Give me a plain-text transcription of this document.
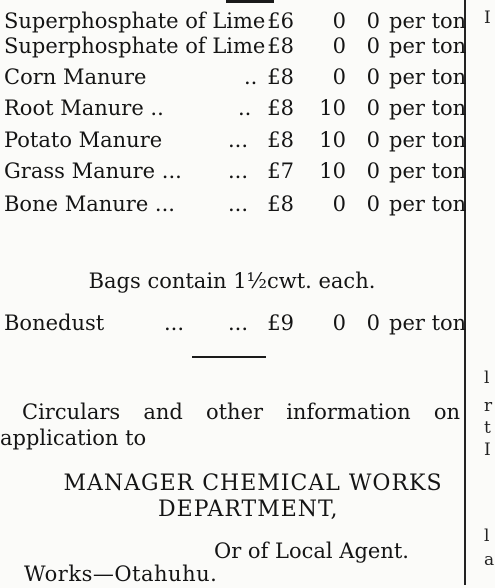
Superphosphate of Lime £6	0 0 per ton
Superphosphate of Lime £8	0 0 per ton
Corn Manure	.. £8	0 0 per ton
Root Manure ..	.. £8 10 0 per ton
Potato Manure	... £8 10 0 per ton
Grass Manure ... ... £7 10 0 per ton
Bone Manure ...	... £8	0 0 per ton
Bags contain 1½cwt. each.
Bonedust	... ... £9	0 0 per ton
Circulars and other information on
application to
MANAGER CHEMICAL WORKS
DEPARTMENT,
Or of Local Agent.
Works—Otahuhu.
I
l
r
t
I
l
a
